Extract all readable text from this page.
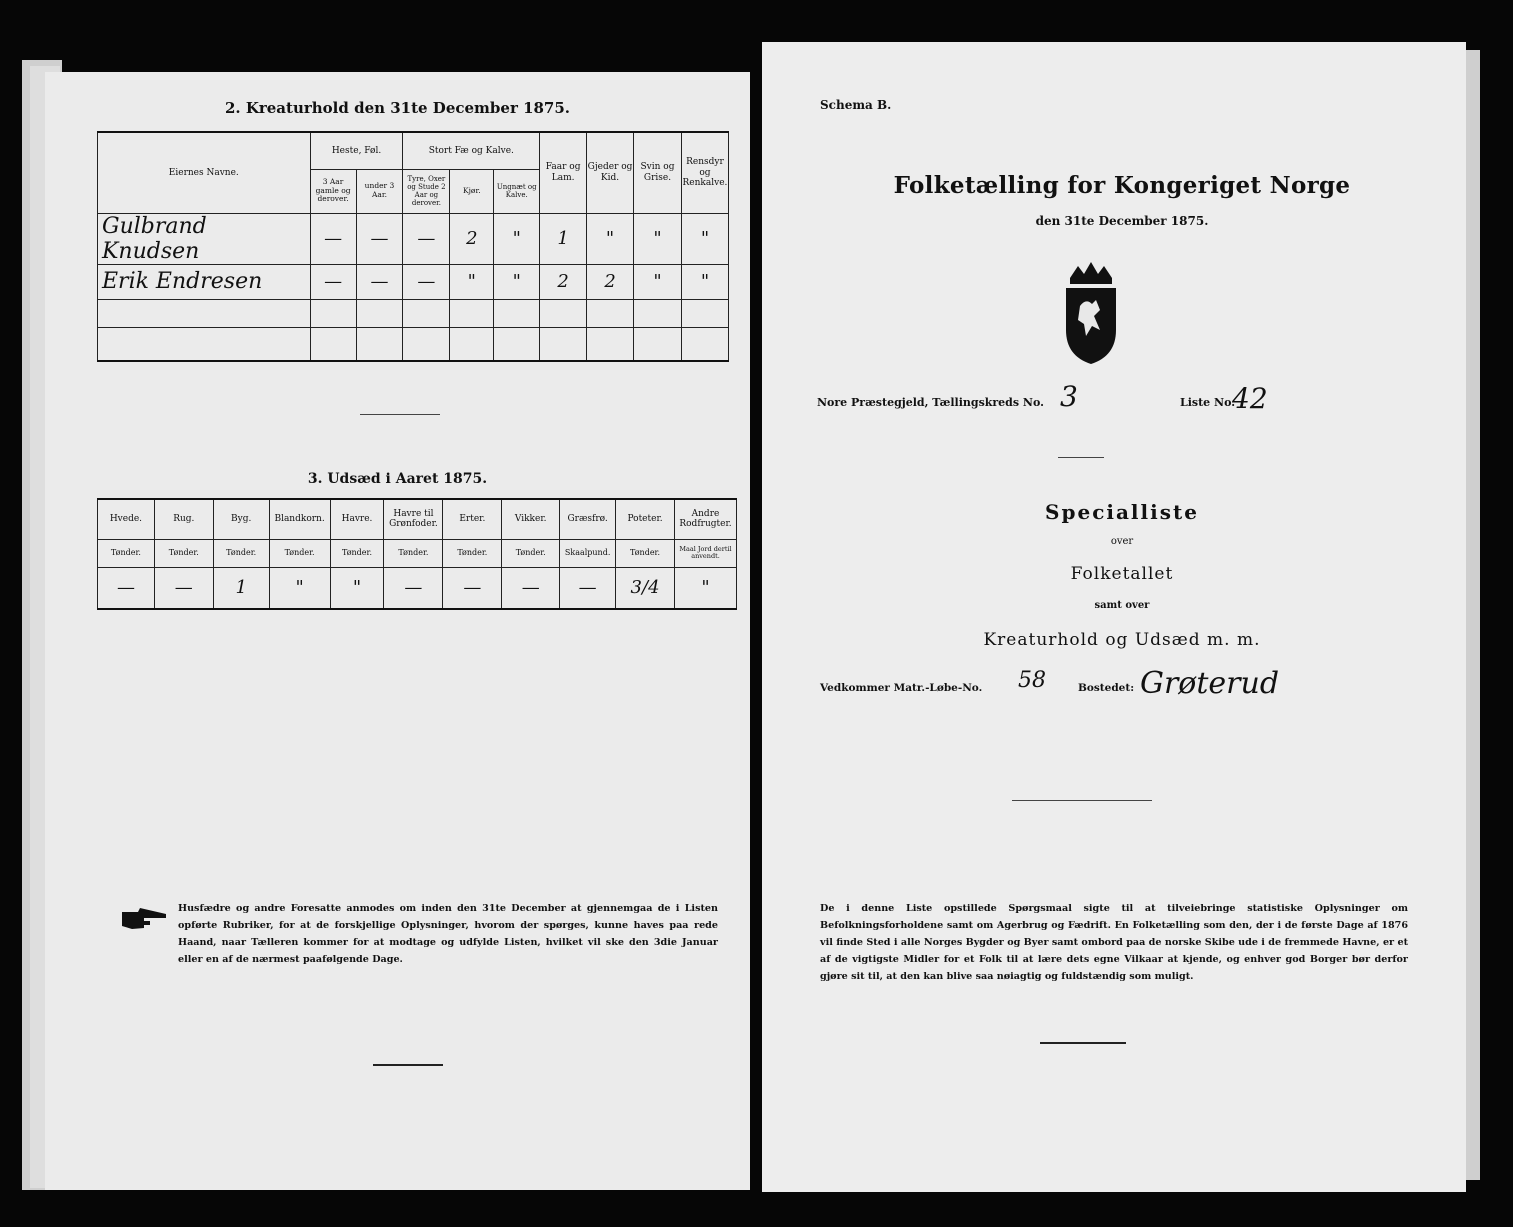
2. Kreaturhold den 31te December 1875.
Eiernes Navne.	Heste, Føl.		Stort Fæ og Kalve.			Faar og Lam.	Gjeder og Kid.	Svin og Grise.	Rensdyr og Renkalve.
	3 Aar gamle og derover.	under 3 Aar.	Tyre, Oxer og Stude 2 Aar og derover.	Kjør.	Ungnæt og Kalve.				
Gulbrand Knudsen	—	—	—	2	"	1	"	"	"
Erik Endresen	—	—	—	"	"	2	2	"	"

3. Udsæd i Aaret 1875.
Hvede.	Rug.	Byg.	Blandkorn.	Havre.	Havre til Grønfoder.	Erter.	Vikker.	Græsfrø.	Poteter.	Andre Rodfrugter.
Tønder.	Tønder.	Tønder.	Tønder.	Tønder.	Tønder.	Tønder.	Tønder.	Skaalpund.	Tønder.	Maal Jord dertil anvendt.
—	—	1	"	"	—	—	—	—	3/4	"
Husfædre og andre Foresatte anmodes om inden den 31te December at gjennemgaa de i Listen opførte Rubriker, for at de forskjellige Oplysninger, hvorom der spørges, kunne haves paa rede Haand, naar Tælleren kommer for at modtage og udfylde Listen, hvilket vil ske den 3die Januar eller en af de nærmest paafølgende Dage.
Schema B.
Folketælling for Kongeriget Norge
den 31te December 1875.
Nore Præstegjeld, Tællingskreds No. 3	Liste No.
42
Specialliste
over
Folketallet
samt over
Kreaturhold og Udsæd m. m.
Vedkommer Matr.-Løbe-No. 58	Bostedet: Grøterud
De i denne Liste opstillede Spørgsmaal sigte til at tilveiebringe statistiske Oplysninger om Befolkningsforholdene samt om Agerbrug og Fædrift. En Folketælling som den, der i de første Dage af 1876 vil finde Sted i alle Norges Bygder og Byer samt ombord paa de norske Skibe ude i de fremmede Havne, er et af de vigtigste Midler for et Folk til at lære dets egne Vilkaar at kjende, og enhver god Borger bør derfor gjøre sit til, at den kan blive saa nøiagtig og fuldstændig som muligt.
